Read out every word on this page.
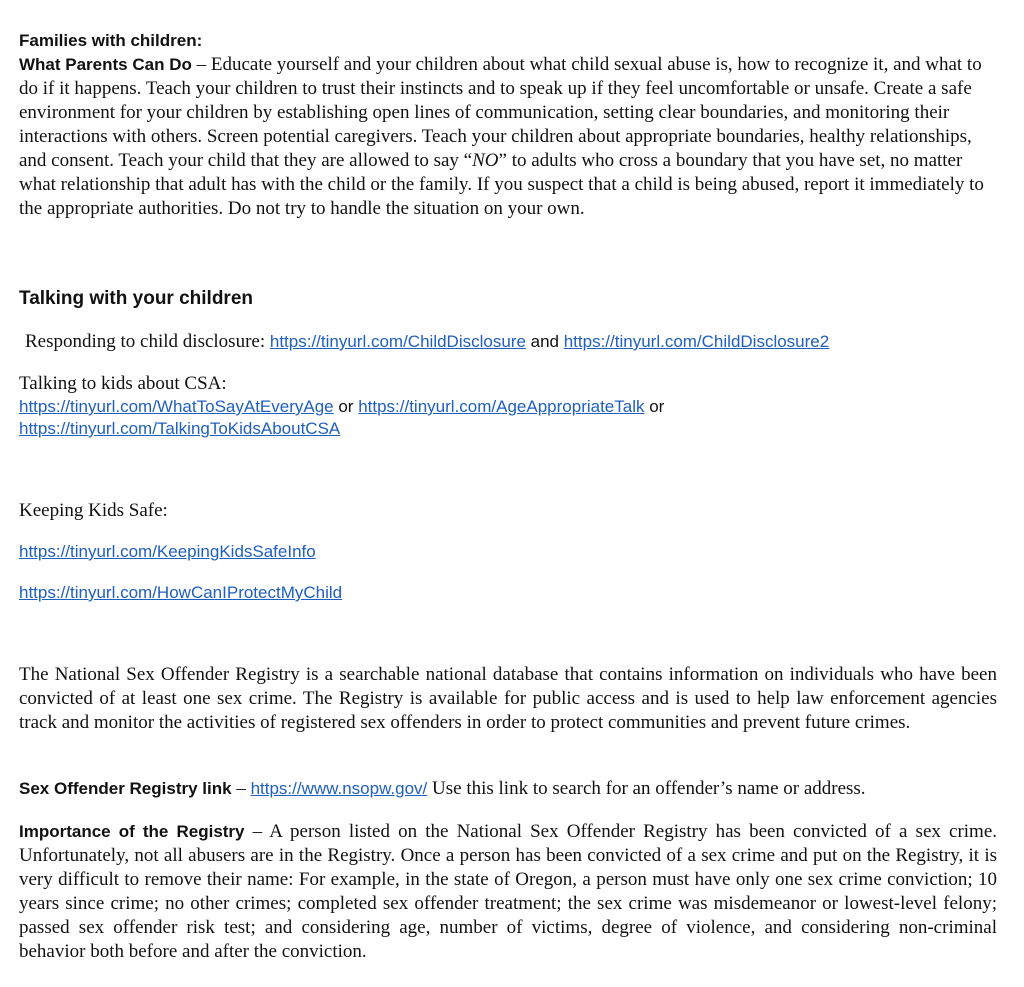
Families with children:

What Parents Can Do – Educate yourself and your children about what child sexual abuse is, how to recognize it, and what to do if it happens. Teach your children to trust their instincts and to speak up if they feel uncomfortable or unsafe. Create a safe environment for your children by establishing open lines of communication, setting clear boundaries, and monitoring their interactions with others. Screen potential caregivers. Teach your children about appropriate boundaries, healthy relationships, and consent. Teach your child that they are allowed to say “NO” to adults who cross a boundary that you have set, no matter what relationship that adult has with the child or the family. If you suspect that a child is being abused, report it immediately to the appropriate authorities. Do not try to handle the situation on your own.

Talking with your children

Responding to child disclosure: https://tinyurl.com/ChildDisclosure and https://tinyurl.com/ChildDisclosure2

Talking to kids about CSA:

https://tinyurl.com/WhatToSayAtEveryAge or https://tinyurl.com/AgeAppropriateTalk or

https://tinyurl.com/TalkingToKidsAboutCSA

Keeping Kids Safe:

https://tinyurl.com/KeepingKidsSafeInfo

https://tinyurl.com/HowCanIProtectMyChild

The National Sex Offender Registry is a searchable national database that contains information on individuals who have been convicted of at least one sex crime. The Registry is available for public access and is used to help law enforcement agencies track and monitor the activities of registered sex offenders in order to protect communities and prevent future crimes.

Sex Offender Registry link – https://www.nsopw.gov/ Use this link to search for an offender’s name or address.

Importance of the Registry – A person listed on the National Sex Offender Registry has been convicted of a sex crime. Unfortunately, not all abusers are in the Registry. Once a person has been convicted of a sex crime and put on the Registry, it is very difficult to remove their name: For example, in the state of Oregon, a person must have only one sex crime conviction; 10 years since crime; no other crimes; completed sex offender treatment; the sex crime was misdemeanor or lowest-level felony; passed sex offender risk test; and considering age, number of victims, degree of violence, and considering non-criminal behavior both before and after the conviction.
